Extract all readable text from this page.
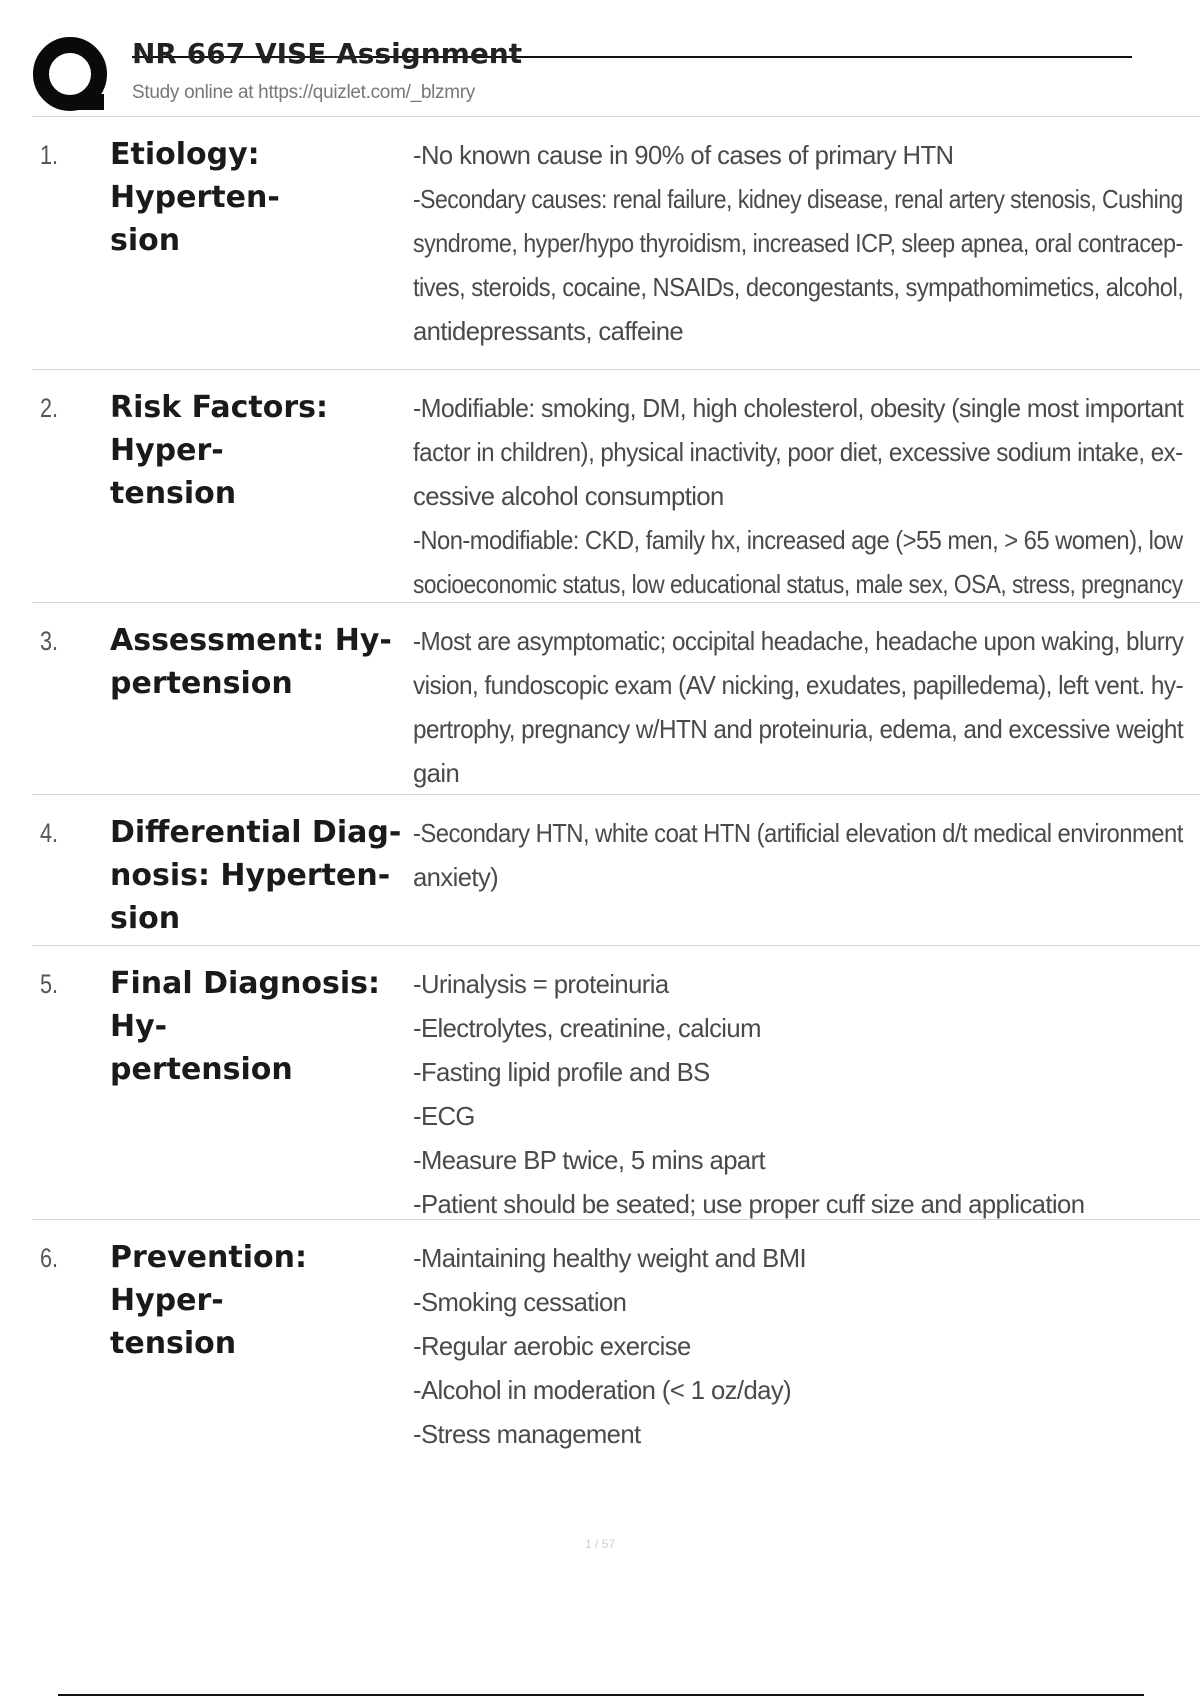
NR 667 VISE Assignment
Study online at https://quizlet.com/_blzmry
1. Etiology: Hyperten-
sion
-No known cause in 90% of cases of primary HTN
-Secondary causes: renal failure, kidney disease, renal artery stenosis, Cushing
syndrome, hyper/hypo thyroidism, increased ICP, sleep apnea, oral contracep-
tives, steroids, cocaine, NSAIDs, decongestants, sympathomimetics, alcohol,
antidepressants, caffeine
2. Risk Factors: Hyper-
tension
-Modifiable: smoking, DM, high cholesterol, obesity (single most important
factor in children), physical inactivity, poor diet, excessive sodium intake, ex-
cessive alcohol consumption
-Non-modifiable: CKD, family hx, increased age (>55 men, > 65 women), low
socioeconomic status, low educational status, male sex, OSA, stress, pregnancy
3. Assessment: Hy-
pertension
-Most are asymptomatic; occipital headache, headache upon waking, blurry
vision, fundoscopic exam (AV nicking, exudates, papilledema), left vent. hy-
pertrophy, pregnancy w/HTN and proteinuria, edema, and excessive weight
gain
4. Differential Diag-
nosis: Hyperten-
sion
-Secondary HTN, white coat HTN (artificial elevation d/t medical environment
anxiety)
5. Final Diagnosis: Hy-
pertension
-Urinalysis = proteinuria
-Electrolytes, creatinine, calcium
-Fasting lipid profile and BS
-ECG
-Measure BP twice, 5 mins apart
-Patient should be seated; use proper cuff size and application
6. Prevention: Hyper-
tension
-Maintaining healthy weight and BMI
-Smoking cessation
-Regular aerobic exercise
-Alcohol in moderation (< 1 oz/day)
-Stress management
1 / 57
